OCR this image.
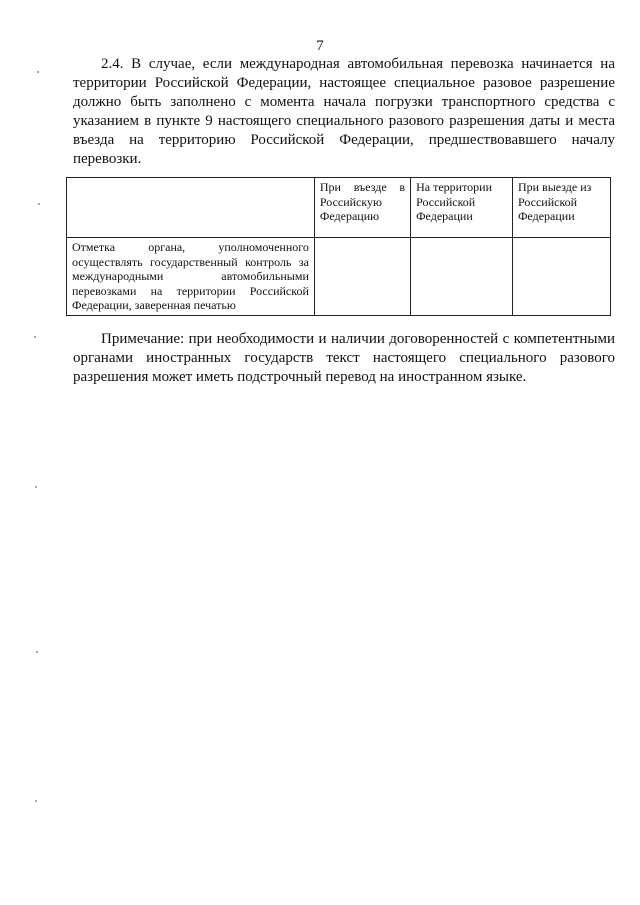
7

2.4. В случае, если международная автомобильная перевозка начинается на территории Российской Федерации, настоящее специальное разовое разрешение должно быть заполнено с момента начала погрузки транспортного средства с указанием в пункте 9 настоящего специального разового разрешения даты и места въезда на территорию Российской Федерации, предшествовавшего началу перевозки.

	При въезде в Российскую Федерацию	На территории Российской Федерации	При выезде из Российской Федерации
Отметка органа, уполномоченного осуществлять государственный контроль за международными автомобильными перевозками на территории Российской Федерации, заверенная печатью			

Примечание: при необходимости и наличии договоренностей с компетентными органами иностранных государств текст настоящего специального разового разрешения может иметь подстрочный перевод на иностранном языке.
